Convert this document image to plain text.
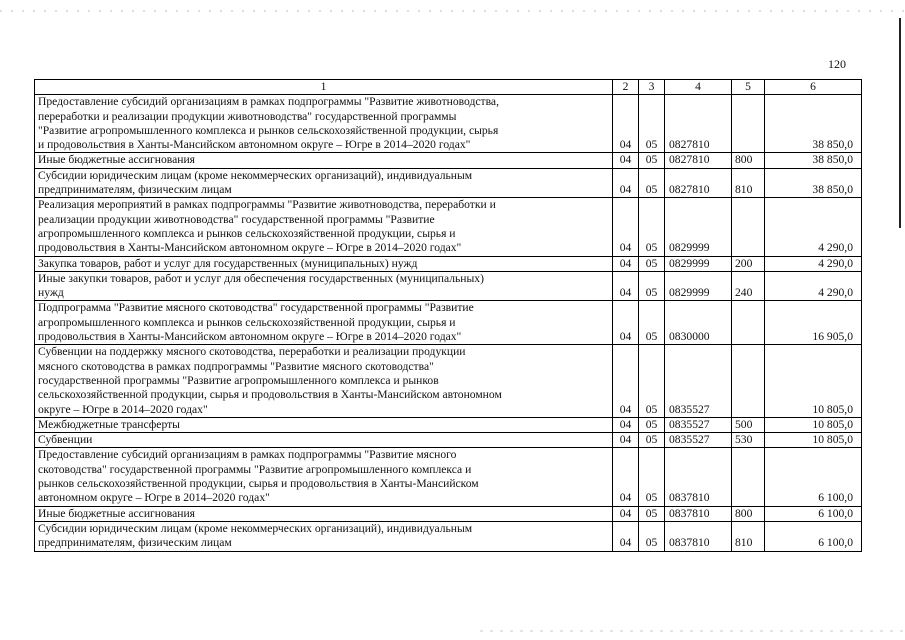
120
1	2	3	4	5	6

Предоставление субсидий организациям в рамках подпрограммы "Развитие животноводства,
переработки и реализации продукции животноводства" государственной программы
"Развитие агропромышленного комплекса и рынков сельскохозяйственной продукции, сырья
и продовольствия в Ханты-Мансийском автономном округе – Югре в 2014–2020 годах"	04	05	0827810		38 850,0

Иные бюджетные ассигнования	04	05	0827810	800	38 850,0

Субсидии юридическим лицам (кроме некоммерческих организаций), индивидуальным
предпринимателям, физическим лицам	04	05	0827810	810	38 850,0

Реализация мероприятий в рамках подпрограммы "Развитие животноводства, переработки и
реализации продукции животноводства" государственной программы "Развитие
агропромышленного комплекса и рынков сельскохозяйственной продукции, сырья и
продовольствия в Ханты-Мансийском автономном округе – Югре в 2014–2020 годах"	04	05	0829999		4 290,0

Закупка товаров, работ и услуг для государственных (муниципальных) нужд	04	05	0829999	200	4 290,0

Иные закупки товаров, работ и услуг для обеспечения государственных (муниципальных)
нужд	04	05	0829999	240	4 290,0

Подпрограмма "Развитие мясного скотоводства" государственной программы "Развитие
агропромышленного комплекса и рынков сельскохозяйственной продукции, сырья и
продовольствия в Ханты-Мансийском автономном округе – Югре в 2014–2020 годах"	04	05	0830000		16 905,0

Субвенции на поддержку мясного скотоводства, переработки и реализации продукции
мясного скотоводства в рамках подпрограммы "Развитие мясного скотоводства"
государственной программы "Развитие агропромышленного комплекса и рынков
сельскохозяйственной продукции, сырья и продовольствия в Ханты-Мансийском автономном
округе – Югре в 2014–2020 годах"	04	05	0835527		10 805,0

Межбюджетные трансферты	04	05	0835527	500	10 805,0

Субвенции	04	05	0835527	530	10 805,0

Предоставление субсидий организациям в рамках подпрограммы "Развитие мясного
скотоводства" государственной программы "Развитие агропромышленного комплекса и
рынков сельскохозяйственной продукции, сырья и продовольствия в Ханты-Мансийском
автономном округе – Югре в 2014–2020 годах"	04	05	0837810		6 100,0

Иные бюджетные ассигнования	04	05	0837810	800	6 100,0

Субсидии юридическим лицам (кроме некоммерческих организаций), индивидуальным
предпринимателям, физическим лицам	04	05	0837810	810	6 100,0
